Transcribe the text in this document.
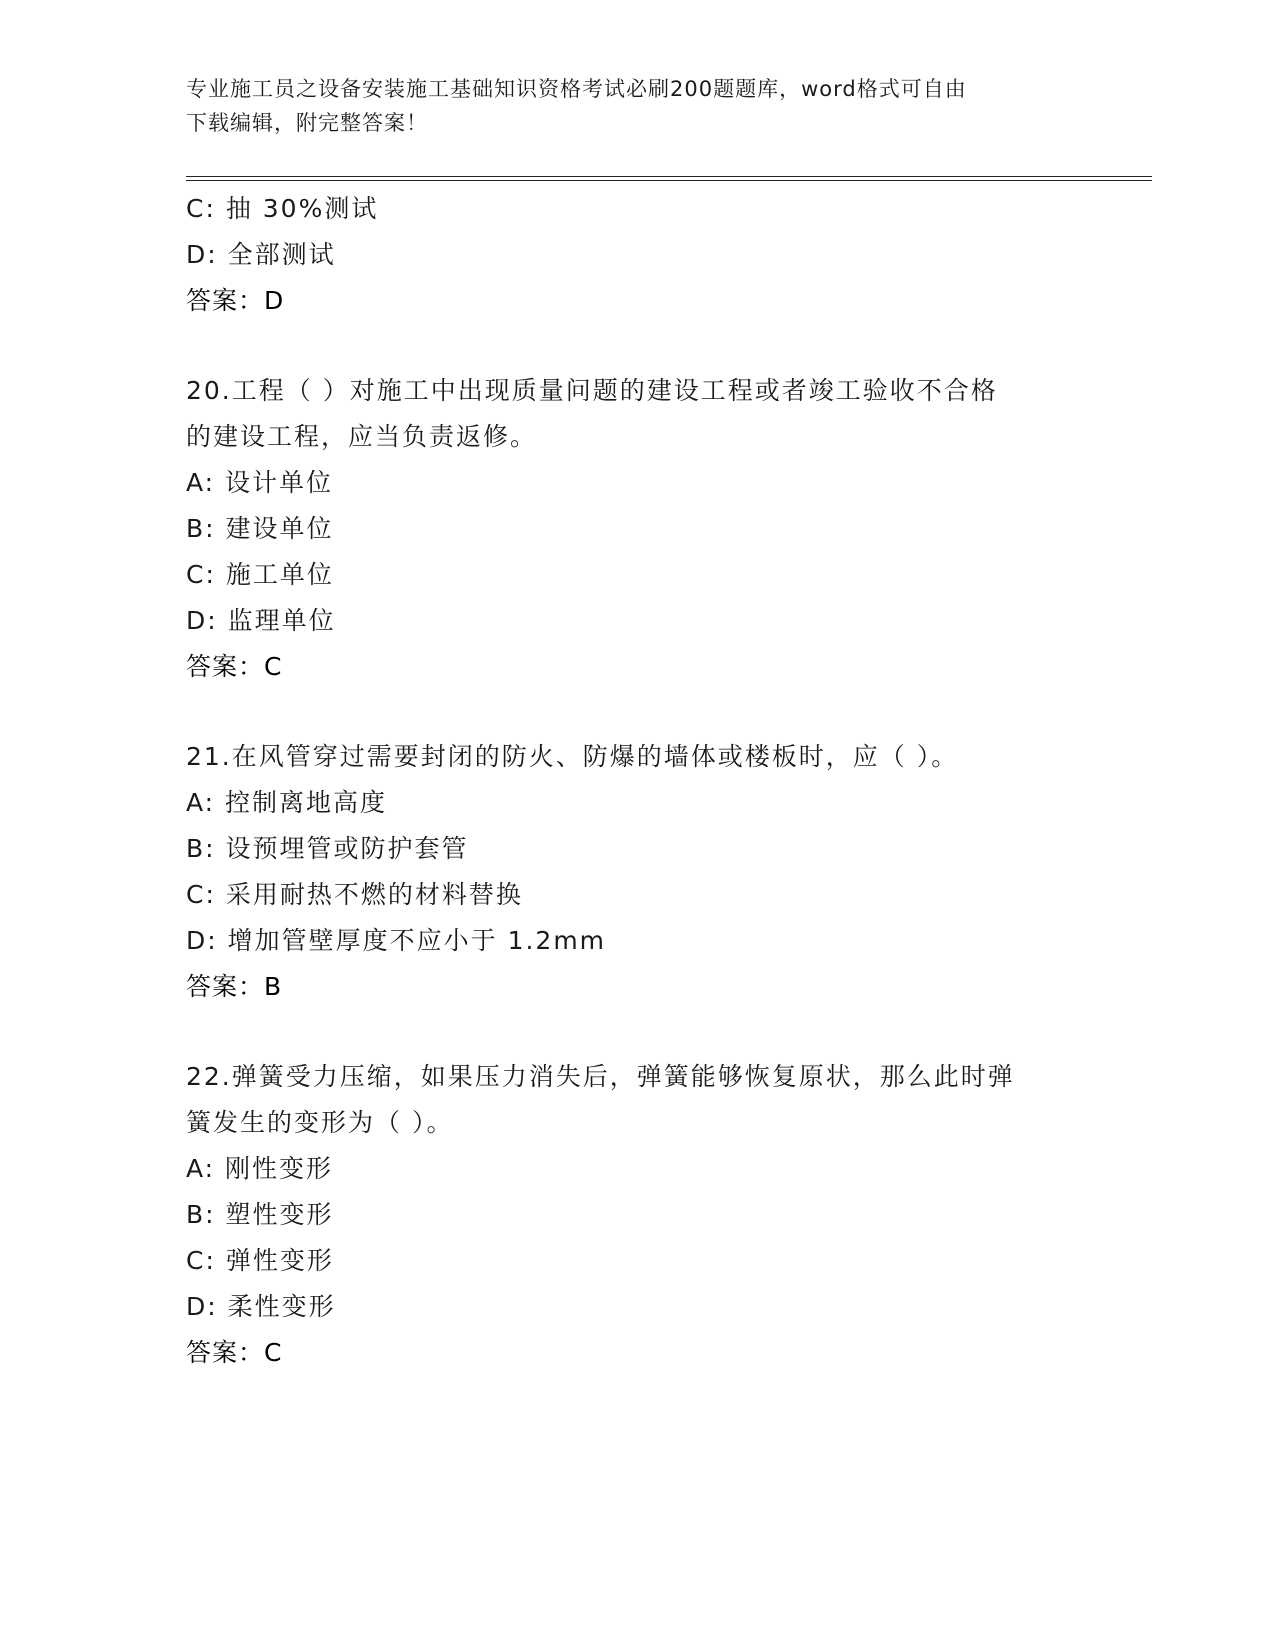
专业施工员之设备安装施工基础知识资格考试必刷200题题库，word格式可自由
下载编辑，附完整答案！
C: 抽 30%测试
D: 全部测试
答案：D
20.工程（ ）对施工中出现质量问题的建设工程或者竣工验收不合格
的建设工程，应当负责返修。
A: 设计单位
B: 建设单位
C: 施工单位
D: 监理单位
答案：C
21.在风管穿过需要封闭的防火、防爆的墙体或楼板时，应（ ）。
A: 控制离地高度
B: 设预埋管或防护套管
C: 采用耐热不燃的材料替换
D: 增加管壁厚度不应小于 1.2mm
答案：B
22.弹簧受力压缩，如果压力消失后，弹簧能够恢复原状，那么此时弹
簧发生的变形为（ ）。
A: 刚性变形
B: 塑性变形
C: 弹性变形
D: 柔性变形
答案：C
